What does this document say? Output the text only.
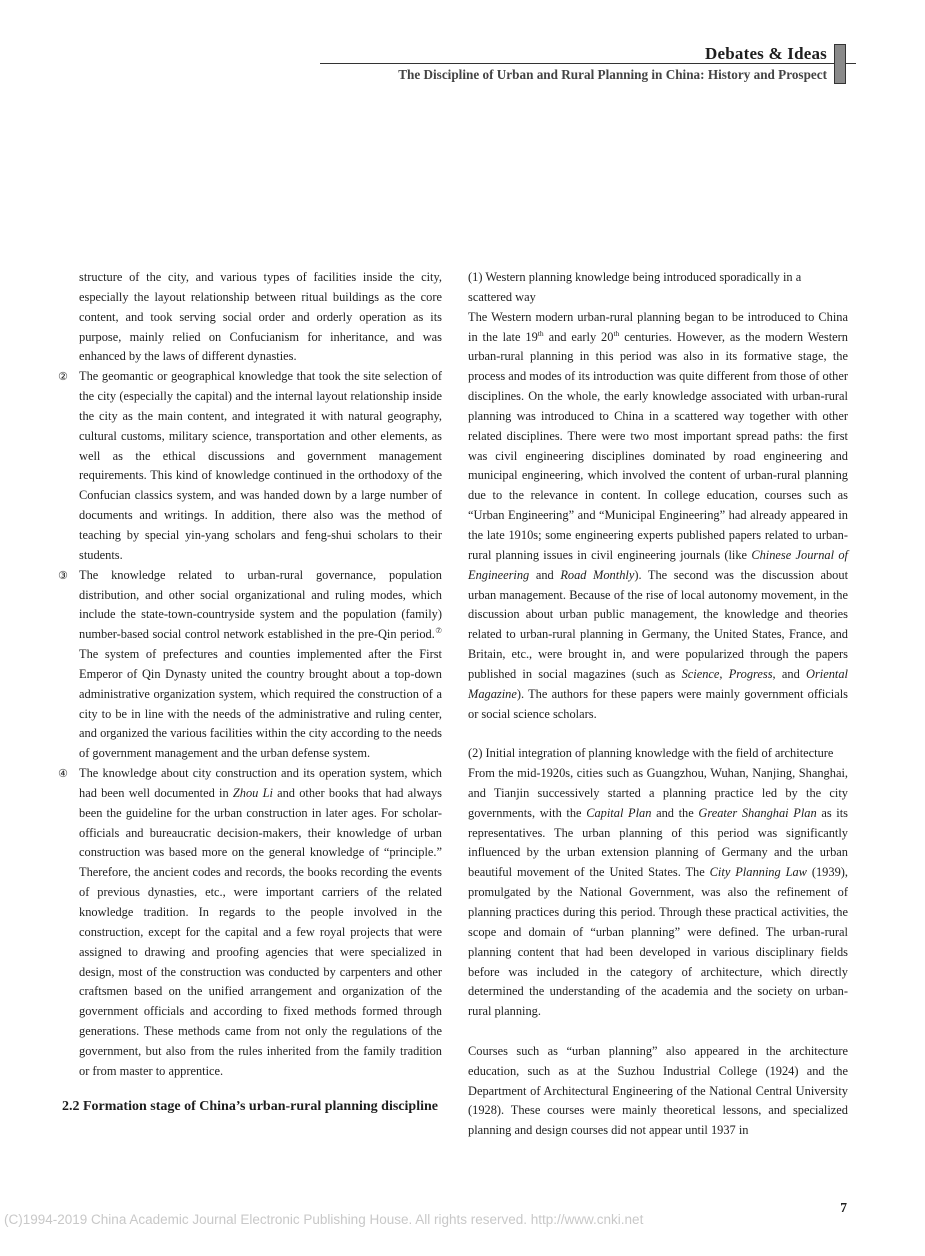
Debates & Ideas
The Discipline of Urban and Rural Planning in China: History and Prospect

structure of the city, and various types of facilities inside the city, especially the layout relationship between ritual buildings as the core content, and took serving social order and orderly operation as its purpose, mainly relied on Confucianism for inheritance, and was enhanced by the laws of different dynasties.

② The geomantic or geographical knowledge that took the site selection of the city (especially the capital) and the internal layout relationship inside the city as the main content, and integrated it with natural geography, cultural customs, military science, transportation and other elements, as well as the ethical discussions and government management requirements. This kind of knowledge continued in the orthodoxy of the Confucian classics system, and was handed down by a large number of documents and writings. In addition, there also was the method of teaching by special yin-yang scholars and feng-shui scholars to their students.

③ The knowledge related to urban-rural governance, population distribution, and other social organizational and ruling modes, which include the state-town-countryside system and the population (family) number-based social control network established in the pre-Qin period.⑦ The system of prefectures and counties implemented after the First Emperor of Qin Dynasty united the country brought about a top-down administrative organization system, which required the construction of a city to be in line with the needs of the administrative and ruling center, and organized the various facilities within the city according to the needs of government management and the urban defense system.

④ The knowledge about city construction and its operation system, which had been well documented in Zhou Li and other books that had always been the guideline for the urban construction in later ages. For scholar-officials and bureaucratic decision-makers, their knowledge of urban construction was based more on the general knowledge of “principle.” Therefore, the ancient codes and records, the books recording the events of previous dynasties, etc., were important carriers of the related knowledge tradition. In regards to the people involved in the construction, except for the capital and a few royal projects that were assigned to drawing and proofing agencies that were specialized in design, most of the construction was conducted by carpenters and other craftsmen based on the unified arrangement and organization of the government officials and according to fixed methods formed through generations. These methods came from not only the regulations of the government, but also from the rules inherited from the family tradition or from master to apprentice.

2.2 Formation stage of China’s urban-rural planning discipline

(1) Western planning knowledge being introduced sporadically in a scattered way

The Western modern urban-rural planning began to be introduced to China in the late 19th and early 20th centuries. However, as the modern Western urban-rural planning in this period was also in its formative stage, the process and modes of its introduction was quite different from those of other disciplines. On the whole, the early knowledge associated with urban-rural planning was introduced to China in a scattered way together with other related disciplines. There were two most important spread paths: the first was civil engineering disciplines dominated by road engineering and municipal engineering, which involved the content of urban-rural planning due to the relevance in content. In college education, courses such as “Urban Engineering” and “Municipal Engineering” had already appeared in the late 1910s; some engineering experts published papers related to urban-rural planning issues in civil engineering journals (like Chinese Journal of Engineering and Road Monthly). The second was the discussion about urban management. Because of the rise of local autonomy movement, in the discussion about urban public management, the knowledge and theories related to urban-rural planning in Germany, the United States, France, and Britain, etc., were brought in, and were popularized through the papers published in social magazines (such as Science, Progress, and Oriental Magazine). The authors for these papers were mainly government officials or social science scholars.

(2) Initial integration of planning knowledge with the field of architecture

From the mid-1920s, cities such as Guangzhou, Wuhan, Nanjing, Shanghai, and Tianjin successively started a planning practice led by the city governments, with the Capital Plan and the Greater Shanghai Plan as its representatives. The urban planning of this period was significantly influenced by the urban extension planning of Germany and the urban beautiful movement of the United States. The City Planning Law (1939), promulgated by the National Government, was also the refinement of planning practices during this period. Through these practical activities, the scope and domain of “urban planning” were defined. The urban-rural planning content that had been developed in various disciplinary fields before was included in the category of architecture, which directly determined the understanding of the academia and the society on urban-rural planning.

Courses such as “urban planning” also appeared in the architecture education, such as at the Suzhou Industrial College (1924) and the Department of Architectural Engineering of the National Central University (1928). These courses were mainly theoretical lessons, and specialized planning and design courses did not appear until 1937 in

(C)1994-2019 China Academic Journal Electronic Publishing House. All rights reserved. http://www.cnki.net
7
